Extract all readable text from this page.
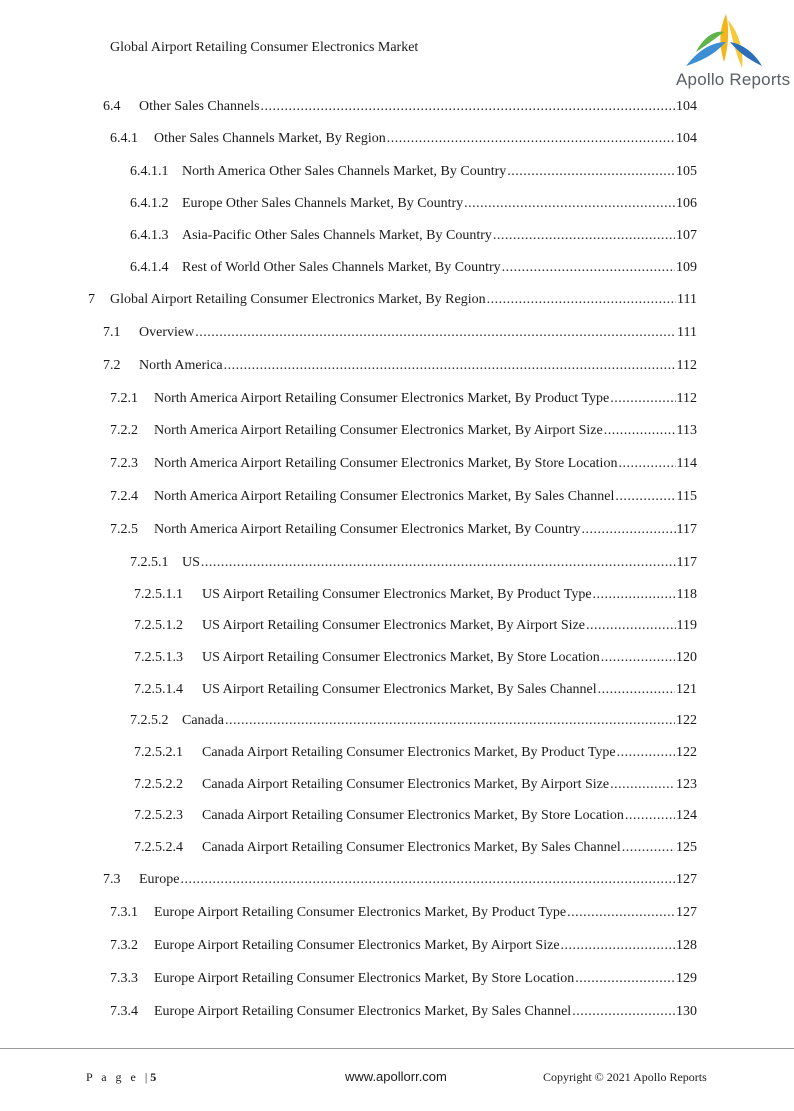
Global Airport Retailing Consumer Electronics Market
Apollo Reports
6.4	Other Sales Channels .....	104
6.4.1	Other Sales Channels Market, By Region .....	104
6.4.1.1 North America Other Sales Channels Market, By Country .....	105
6.4.1.2 Europe Other Sales Channels Market, By Country .....	106
6.4.1.3 Asia-Pacific Other Sales Channels Market, By Country .....	107
6.4.1.4 Rest of World Other Sales Channels Market, By Country .....	109
7	Global Airport Retailing Consumer Electronics Market, By Region .....	111
7.1	Overview .....	111
7.2	North America .....	112
7.2.1	North America Airport Retailing Consumer Electronics Market, By Product Type .....	112
7.2.2	North America Airport Retailing Consumer Electronics Market, By Airport Size .....	113
7.2.3	North America Airport Retailing Consumer Electronics Market, By Store Location .....	114
7.2.4	North America Airport Retailing Consumer Electronics Market, By Sales Channel .....	115
7.2.5	North America Airport Retailing Consumer Electronics Market, By Country .....	117
7.2.5.1 US .....	117
7.2.5.1.1	US Airport Retailing Consumer Electronics Market, By Product Type .....	118
7.2.5.1.2	US Airport Retailing Consumer Electronics Market, By Airport Size .....	119
7.2.5.1.3	US Airport Retailing Consumer Electronics Market, By Store Location .....	120
7.2.5.1.4	US Airport Retailing Consumer Electronics Market, By Sales Channel .....	121
7.2.5.2 Canada .....	122
7.2.5.2.1	Canada Airport Retailing Consumer Electronics Market, By Product Type .....	122
7.2.5.2.2	Canada Airport Retailing Consumer Electronics Market, By Airport Size .....	123
7.2.5.2.3	Canada Airport Retailing Consumer Electronics Market, By Store Location .....	124
7.2.5.2.4	Canada Airport Retailing Consumer Electronics Market, By Sales Channel .....	125
7.3	Europe .....	127
7.3.1	Europe Airport Retailing Consumer Electronics Market, By Product Type .....	127
7.3.2	Europe Airport Retailing Consumer Electronics Market, By Airport Size .....	128
7.3.3	Europe Airport Retailing Consumer Electronics Market, By Store Location .....	129
7.3.4	Europe Airport Retailing Consumer Electronics Market, By Sales Channel .....	130
P a g e |5	www.apollorr.com	Copyright © 2021 Apollo Reports
